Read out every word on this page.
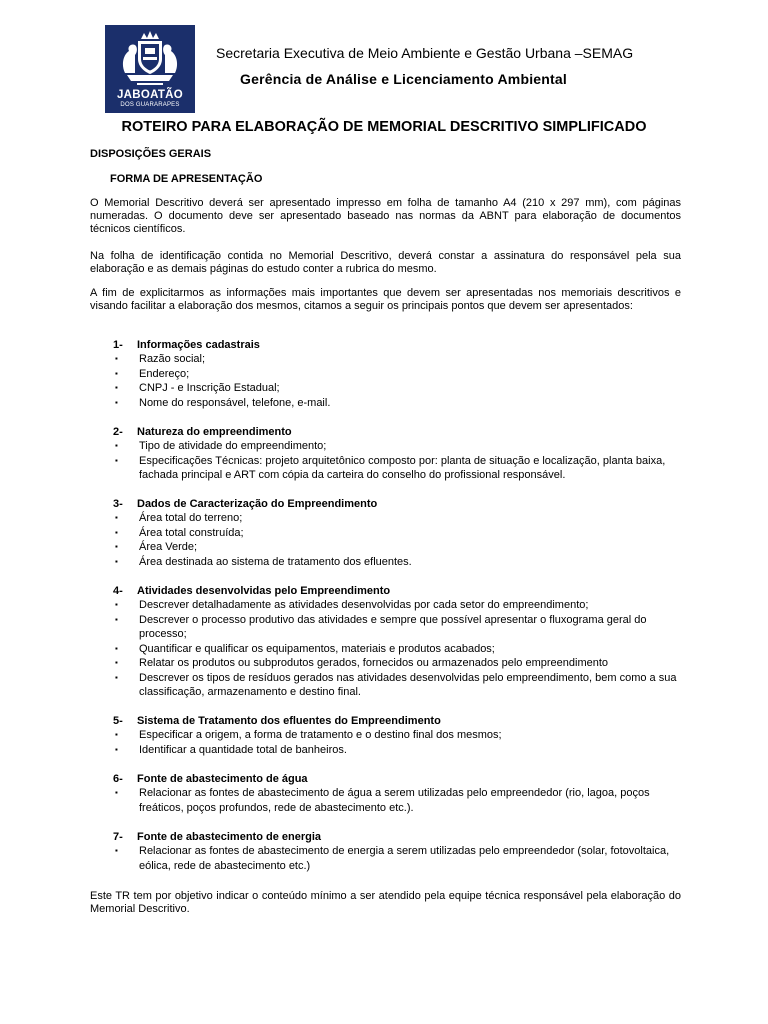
JABOATÃO
DOS GUARARAPES
Secretaria Executiva de Meio Ambiente e Gestão Urbana –SEMAG
Gerência de Análise e Licenciamento Ambiental
ROTEIRO PARA ELABORAÇÃO DE MEMORIAL DESCRITIVO SIMPLIFICADO
DISPOSIÇÕES GERAIS
FORMA DE APRESENTAÇÃO

O Memorial Descritivo deverá ser apresentado impresso em folha de tamanho A4 (210 x 297 mm), com páginas numeradas. O documento deve ser apresentado baseado nas normas da ABNT para elaboração de documentos técnicos científicos.

Na folha de identificação contida no Memorial Descritivo, deverá constar a assinatura do responsável pela sua elaboração e as demais páginas do estudo conter a rubrica do mesmo.

A fim de explicitarmos as informações mais importantes que devem ser apresentadas nos memoriais descritivos e visando facilitar a elaboração dos mesmos, citamos a seguir os principais pontos que devem ser apresentados:

1- Informações cadastrais
▪ Razão social;
▪ Endereço;
▪ CNPJ - e Inscrição Estadual;
▪ Nome do responsável, telefone, e-mail.
2- Natureza do empreendimento
▪ Tipo de atividade do empreendimento;
▪ Especificações Técnicas: projeto arquitetônico composto por: planta de situação e localização, planta baixa, fachada principal e ART com cópia da carteira do conselho do profissional responsável.
3- Dados de Caracterização do Empreendimento
▪ Área total do terreno;
▪ Área total construída;
▪ Área Verde;
▪ Área destinada ao sistema de tratamento dos efluentes.
4- Atividades desenvolvidas pelo Empreendimento
▪ Descrever detalhadamente as atividades desenvolvidas por cada setor do empreendimento;
▪ Descrever o processo produtivo das atividades e sempre que possível apresentar o fluxograma geral do processo;
▪ Quantificar e qualificar os equipamentos, materiais e produtos acabados;
▪ Relatar os produtos ou subprodutos gerados, fornecidos ou armazenados pelo empreendimento
▪ Descrever os tipos de resíduos gerados nas atividades desenvolvidas pelo empreendimento, bem como a sua classificação, armazenamento e destino final.
5- Sistema de Tratamento dos efluentes do Empreendimento
▪ Especificar a origem, a forma de tratamento e o destino final dos mesmos;
▪ Identificar a quantidade total de banheiros.
6- Fonte de abastecimento de água
▪ Relacionar as fontes de abastecimento de água a serem utilizadas pelo empreendedor (rio, lagoa, poços freáticos, poços profundos, rede de abastecimento etc.).
7- Fonte de abastecimento de energia
▪ Relacionar as fontes de abastecimento de energia a serem utilizadas pelo empreendedor (solar, fotovoltaica, eólica, rede de abastecimento etc.)

Este TR tem por objetivo indicar o conteúdo mínimo a ser atendido pela equipe técnica responsável pela elaboração do Memorial Descritivo.
